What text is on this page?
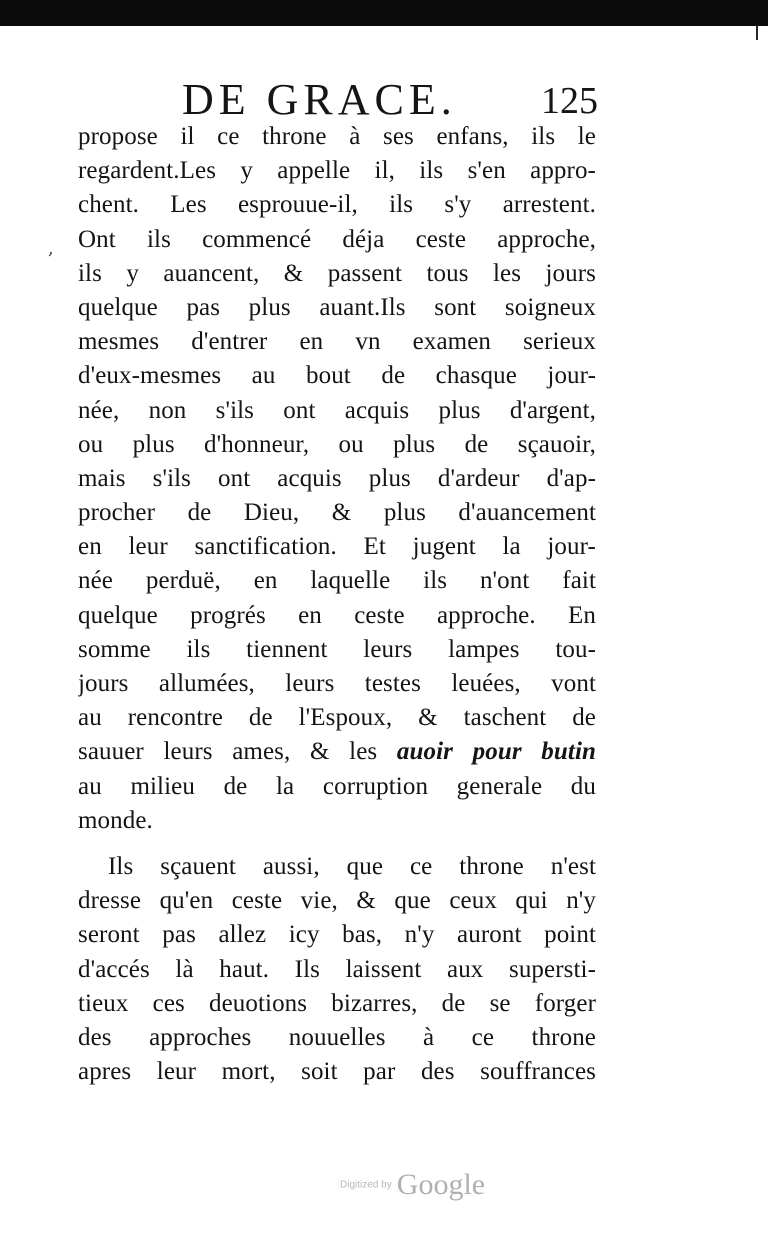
DE GRACE. 125
,
propose il ce throne à ses enfans, ils le
regardent.Les y appelle il, ils s'en appro-
chent. Les esprouue-il, ils s'y arrestent.
Ont ils commencé déja ceste approche,
ils y auancent, & passent tous les jours
quelque pas plus auant.Ils sont soigneux
mesmes d'entrer en vn examen serieux
d'eux-mesmes au bout de chasque jour-
née, non s'ils ont acquis plus d'argent,
ou plus d'honneur, ou plus de sçauoir,
mais s'ils ont acquis plus d'ardeur d'ap-
procher de Dieu, & plus d'auancement
en leur sanctification. Et jugent la jour-
née perduë, en laquelle ils n'ont fait
quelque progrés en ceste approche. En
somme ils tiennent leurs lampes tou-
jours allumées, leurs testes leuées, vont
au rencontre de l'Espoux, & taschent de
sauuer leurs ames, & les auoir pour butin
au milieu de la corruption generale du
monde.
Ils sçauent aussi, que ce throne n'est
dresse qu'en ceste vie, & que ceux qui n'y
seront pas allez icy bas, n'y auront point
d'accés là haut. Ils laissent aux supersti-
tieux ces deuotions bizarres, de se forger
des approches nouuelles à ce throne
apres leur mort, soit par des souffrances
Digitized by Google
